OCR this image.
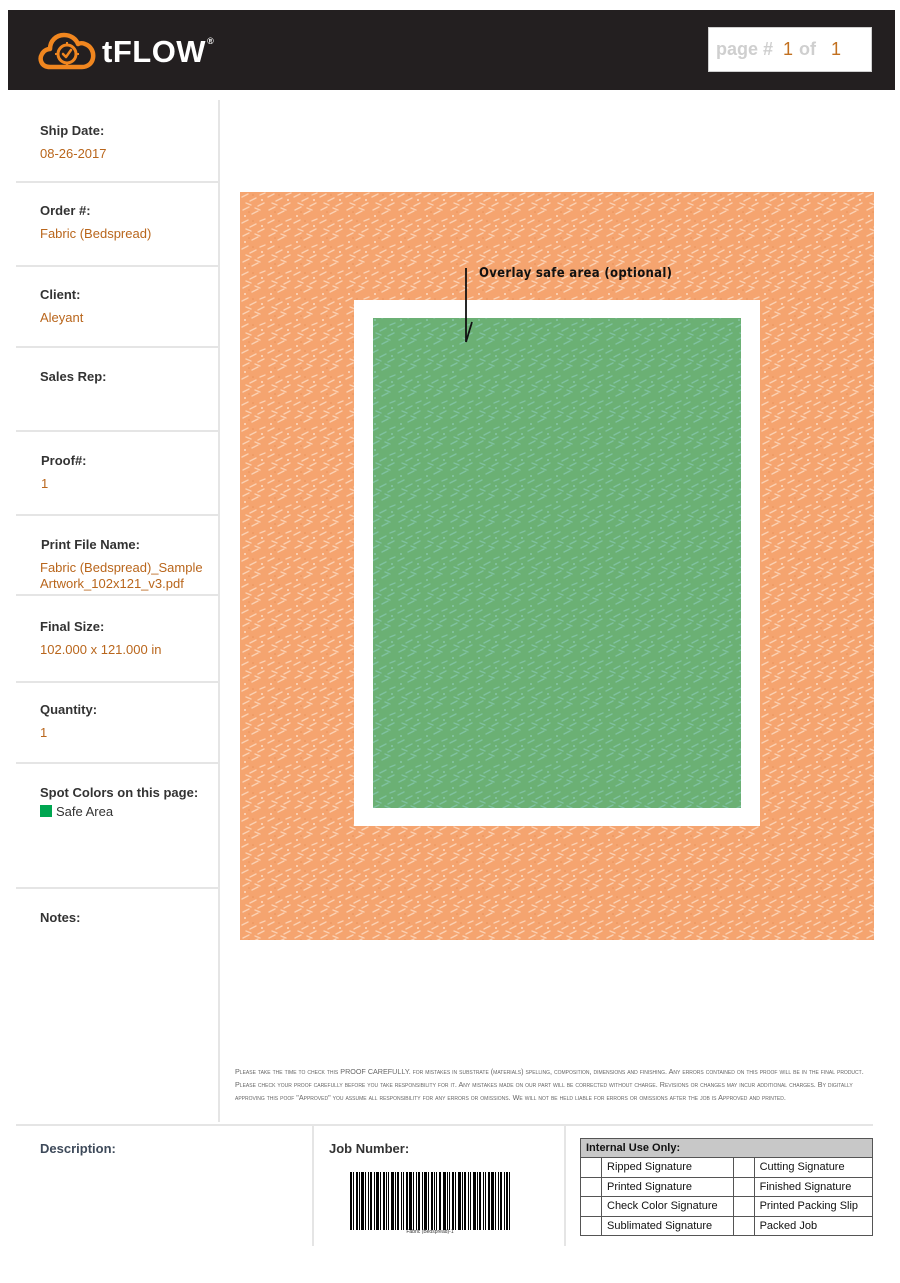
tFLOW®	page # 1 of 1
Ship Date:
08-26-2017
Order #:
Fabric (Bedspread)
Client:
Aleyant
Sales Rep:
Proof#:
1
Print File Name:
Fabric (Bedspread)_Sample
Artwork_102x121_v3.pdf
Final Size:
102.000 x 121.000 in
Quantity:
1
Spot Colors on this page:
Safe Area
Notes:
Overlay safe area (optional)
Please take the time to check this PROOF CAREFULLY. for mistakes in substrate (materials) spelling, composition, dimensions and finishing. Any errors contained on this proof will be in the final product. Please check your proof carefully before you take responsibility for it. Any mistakes made on our part will be corrected without charge. Revisions or changes may incur additional charges. By digitally approving this poof "Approved" you assume all responsibility for any errors or omissions. We will not be held liable for errors or omissions after the job is Approved and printed.
Description:	Job Number:
Fabric (Bedspread)-1
Internal Use Only:			
	Ripped Signature		Cutting Signature
	Printed Signature		Finished Signature
	Check Color Signature		Printed Packing Slip
	Sublimated Signature		Packed Job
